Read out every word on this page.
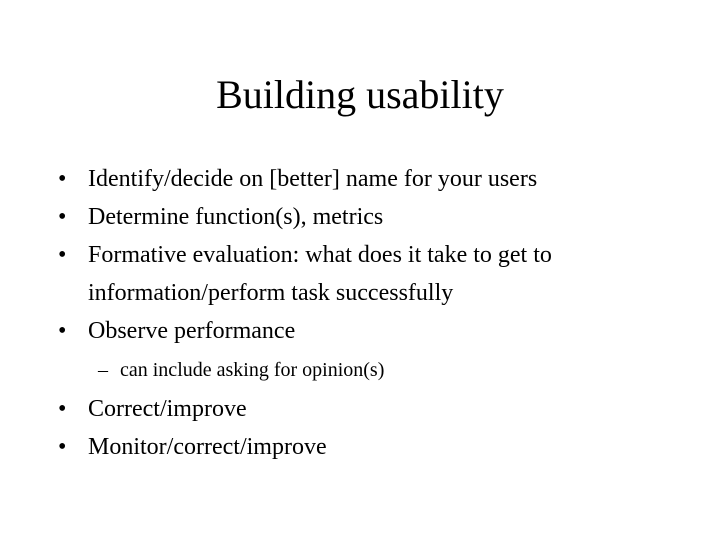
Building usability
• Identify/decide on [better] name for your users
• Determine function(s), metrics
• Formative evaluation: what does it take to get to information/perform task successfully
• Observe performance
– can include asking for opinion(s)
• Correct/improve
• Monitor/correct/improve
